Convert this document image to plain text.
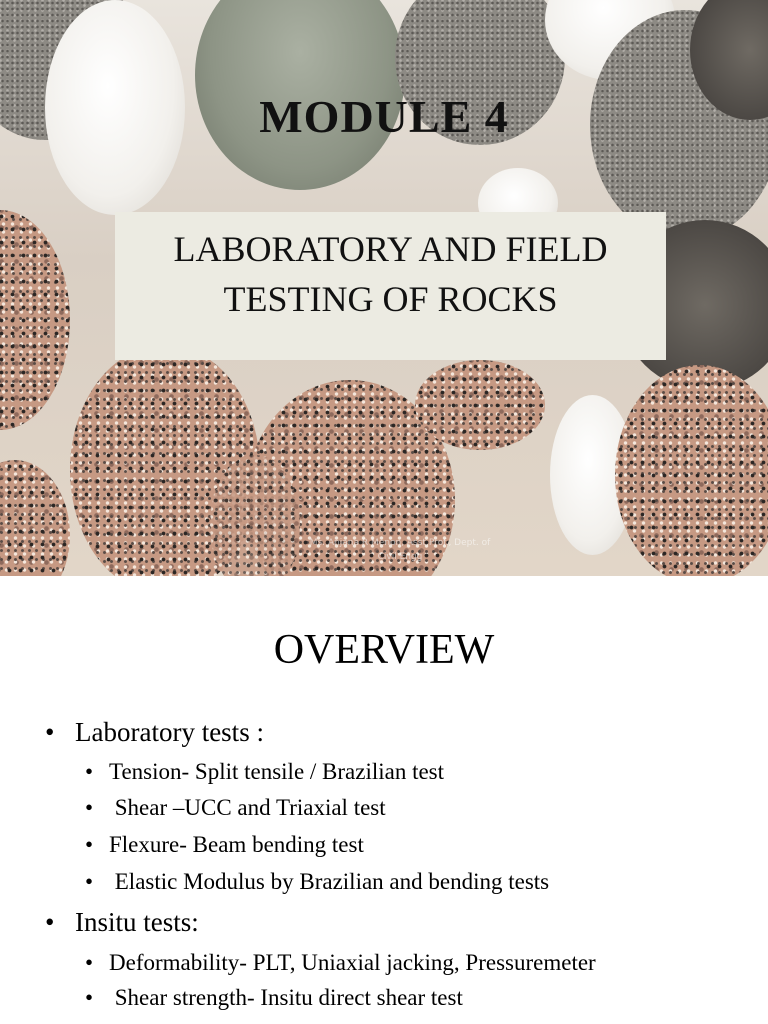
MODULE 4
LABORATORY AND FIELD
TESTING OF ROCKS
Ms. Anjana R Menon, Asst.Prof., Dept. of
Civil Engg
OVERVIEW
• Laboratory tests :
• Tension- Split tensile / Brazilian test
• Shear –UCC and Triaxial test
• Flexure- Beam bending test
• Elastic Modulus by Brazilian and bending tests
• Insitu tests:
• Deformability- PLT, Uniaxial jacking, Pressuremeter
• Shear strength- Insitu direct shear test
